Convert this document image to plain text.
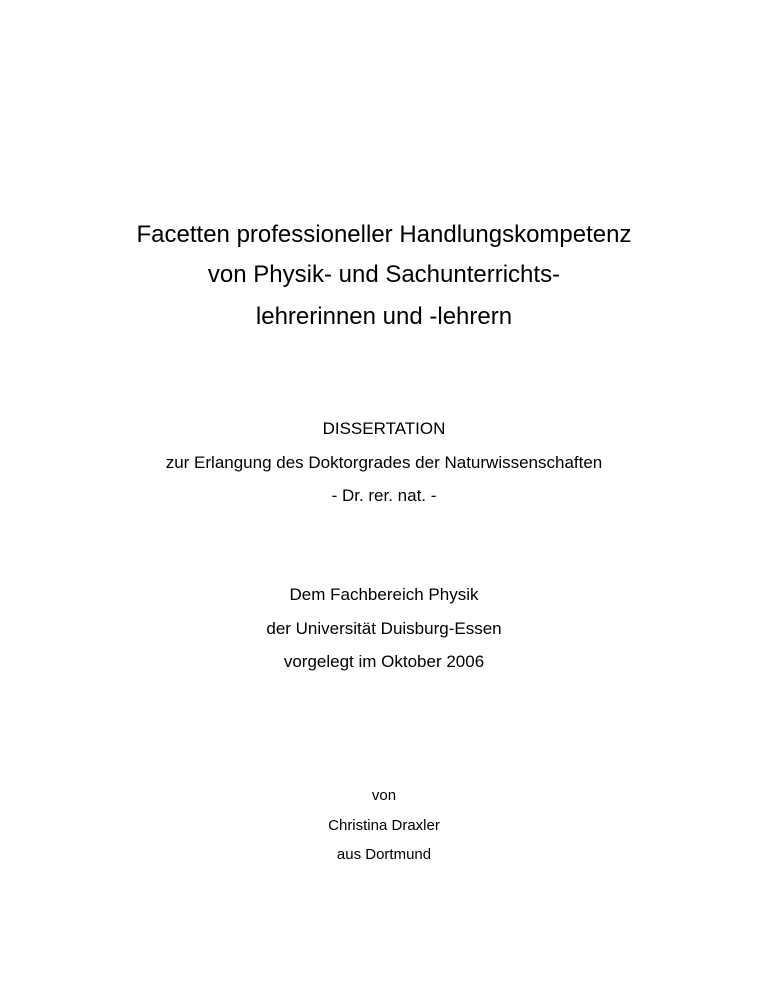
Facetten professioneller Handlungskompetenz
von Physik- und Sachunterrichts-
lehrerinnen und -lehrern
DISSERTATION
zur Erlangung des Doktorgrades der Naturwissenschaften
- Dr. rer. nat. -
Dem Fachbereich Physik
der Universität Duisburg-Essen
vorgelegt im Oktober 2006
von
Christina Draxler
aus Dortmund
